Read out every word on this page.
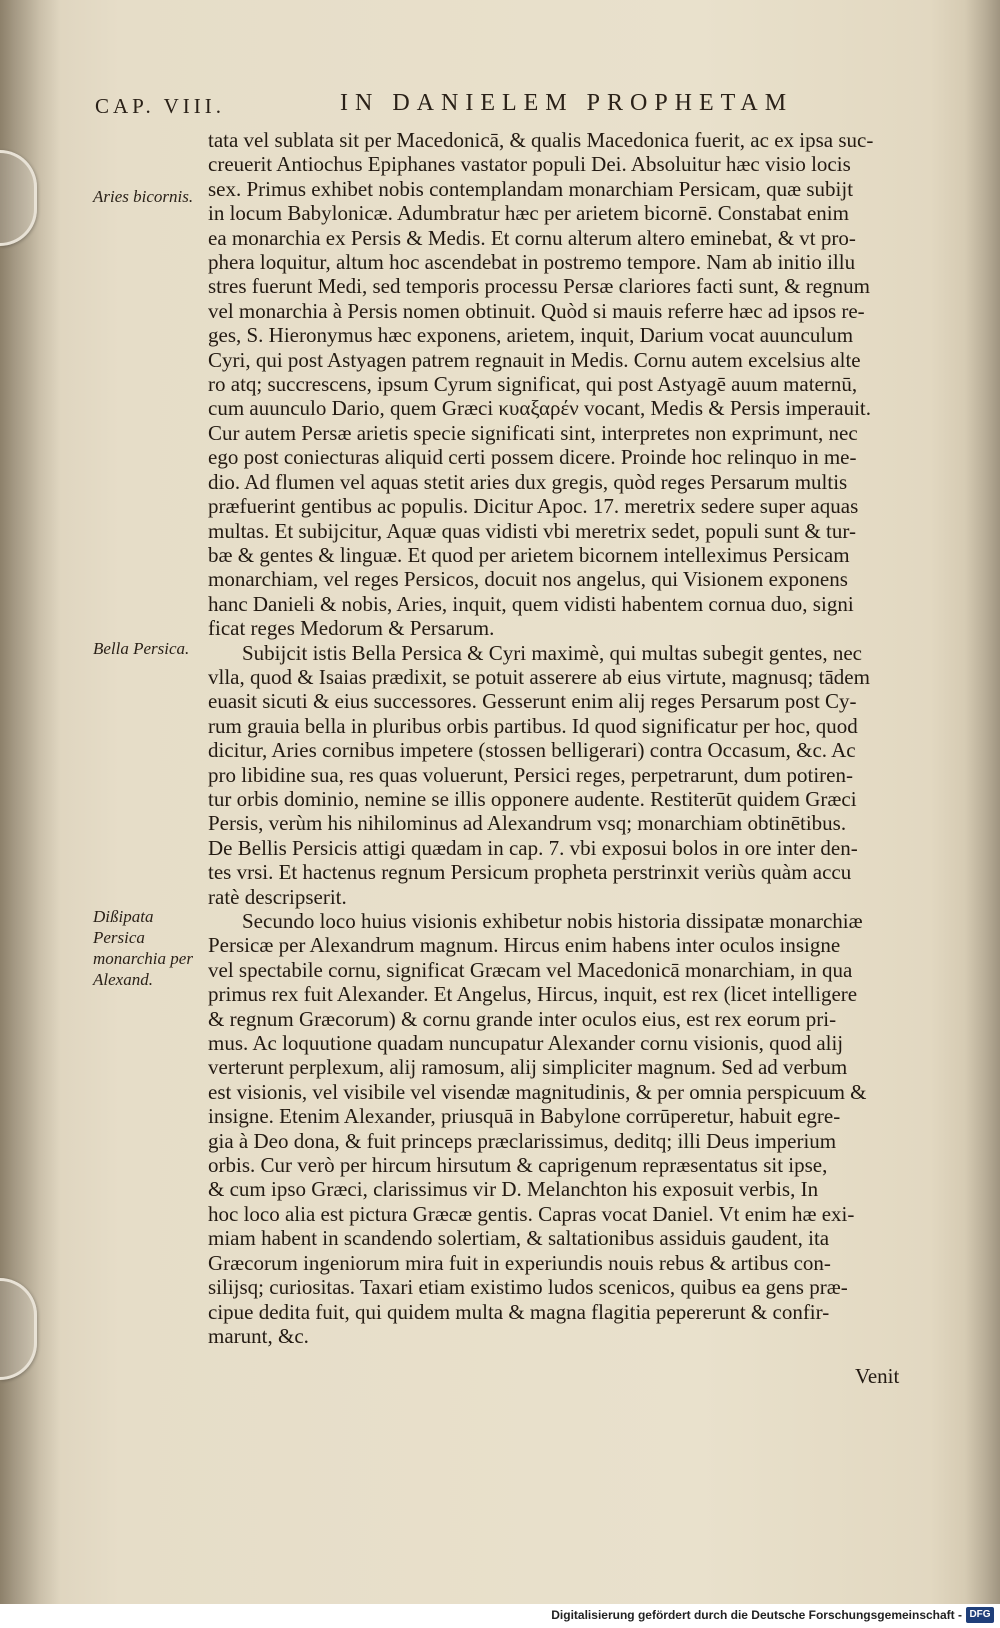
CAP. VIII.	IN DANIELEM PROPHETAM
Aries bicornis.
Bella Persica.
Dißipata Persica monarchia per Alexand.

tata vel sublata sit per Macedonicā, & qualis Macedonica fuerit, ac ex ipsa suc-
creuerit Antiochus Epiphanes vastator populi Dei. Absoluitur hæc visio locis
sex. Primus exhibet nobis contemplandam monarchiam Persicam, quæ subijt
in locum Babylonicæ. Adumbratur hæc per arietem bicornē. Constabat enim
ea monarchia ex Persis & Medis. Et cornu alterum altero eminebat, & vt pro-
phera loquitur, altum hoc ascendebat in postremo tempore. Nam ab initio illu
stres fuerunt Medi, sed temporis processu Persæ clariores facti sunt, & regnum
vel monarchia à Persis nomen obtinuit. Quòd si mauis referre hæc ad ipsos re-
ges, S. Hieronymus hæc exponens, arietem, inquit, Darium vocat auunculum
Cyri, qui post Astyagen patrem regnauit in Medis. Cornu autem excelsius alte
ro atq; succrescens, ipsum Cyrum significat, qui post Astyagē auum maternū,
cum auunculo Dario, quem Græci κυαξαρέν vocant, Medis & Persis imperauit.
Cur autem Persæ arietis specie significati sint, interpretes non exprimunt, nec
ego post coniecturas aliquid certi possem dicere. Proinde hoc relinquo in me-
dio. Ad flumen vel aquas stetit aries dux gregis, quòd reges Persarum multis
præfuerint gentibus ac populis. Dicitur Apoc. 17. meretrix sedere super aquas
multas. Et subijcitur, Aquæ quas vidisti vbi meretrix sedet, populi sunt & tur-
bæ & gentes & linguæ. Et quod per arietem bicornem intelleximus Persicam
monarchiam, vel reges Persicos, docuit nos angelus, qui Visionem exponens
hanc Danieli & nobis, Aries, inquit, quem vidisti habentem cornua duo, signi
ficat reges Medorum & Persarum.

Subijcit istis Bella Persica & Cyri maximè, qui multas subegit gentes, nec
vlla, quod & Isaias prædixit, se potuit asserere ab eius virtute, magnusq; tādem
euasit sicuti & eius successores. Gesserunt enim alij reges Persarum post Cy-
rum grauia bella in pluribus orbis partibus. Id quod significatur per hoc, quod
dicitur, Aries cornibus impetere (stossen belligerari) contra Occasum, &c. Ac
pro libidine sua, res quas voluerunt, Persici reges, perpetrarunt, dum potiren-
tur orbis dominio, nemine se illis opponere audente. Restiterūt quidem Græci
Persis, verùm his nihilominus ad Alexandrum vsq; monarchiam obtinētibus.
De Bellis Persicis attigi quædam in cap. 7. vbi exposui bolos in ore inter den-
tes vrsi. Et hactenus regnum Persicum propheta perstrinxit veriùs quàm accu
ratè descripserit.

Secundo loco huius visionis exhibetur nobis historia dissipatæ monarchiæ
Persicæ per Alexandrum magnum. Hircus enim habens inter oculos insigne
vel spectabile cornu, significat Græcam vel Macedonicā monarchiam, in qua
primus rex fuit Alexander. Et Angelus, Hircus, inquit, est rex (licet intelligere
& regnum Græcorum) & cornu grande inter oculos eius, est rex eorum pri-
mus. Ac loquutione quadam nuncupatur Alexander cornu visionis, quod alij
verterunt perplexum, alij ramosum, alij simpliciter magnum. Sed ad verbum
est visionis, vel visibile vel visendæ magnitudinis, & per omnia perspicuum &
insigne. Etenim Alexander, priusquā in Babylone corrūperetur, habuit egre-
gia à Deo dona, & fuit princeps præclarissimus, deditq; illi Deus imperium
orbis. Cur verò per hircum hirsutum & caprigenum repræsentatus sit ipse,
& cum ipso Græci, clarissimus vir D. Melanchton his exposuit verbis, In
hoc loco alia est pictura Græcæ gentis. Capras vocat Daniel. Vt enim hæ exi-
miam habent in scandendo solertiam, & saltationibus assiduis gaudent, ita
Græcorum ingeniorum mira fuit in experiundis nouis rebus & artibus con-
silijsq; curiositas. Taxari etiam existimo ludos scenicos, quibus ea gens præ-
cipue dedita fuit, qui quidem multa & magna flagitia pepererunt & confir-
marunt, &c.

Venit
Digitalisierung gefördert durch die Deutsche Forschungsgemeinschaft - DFG
